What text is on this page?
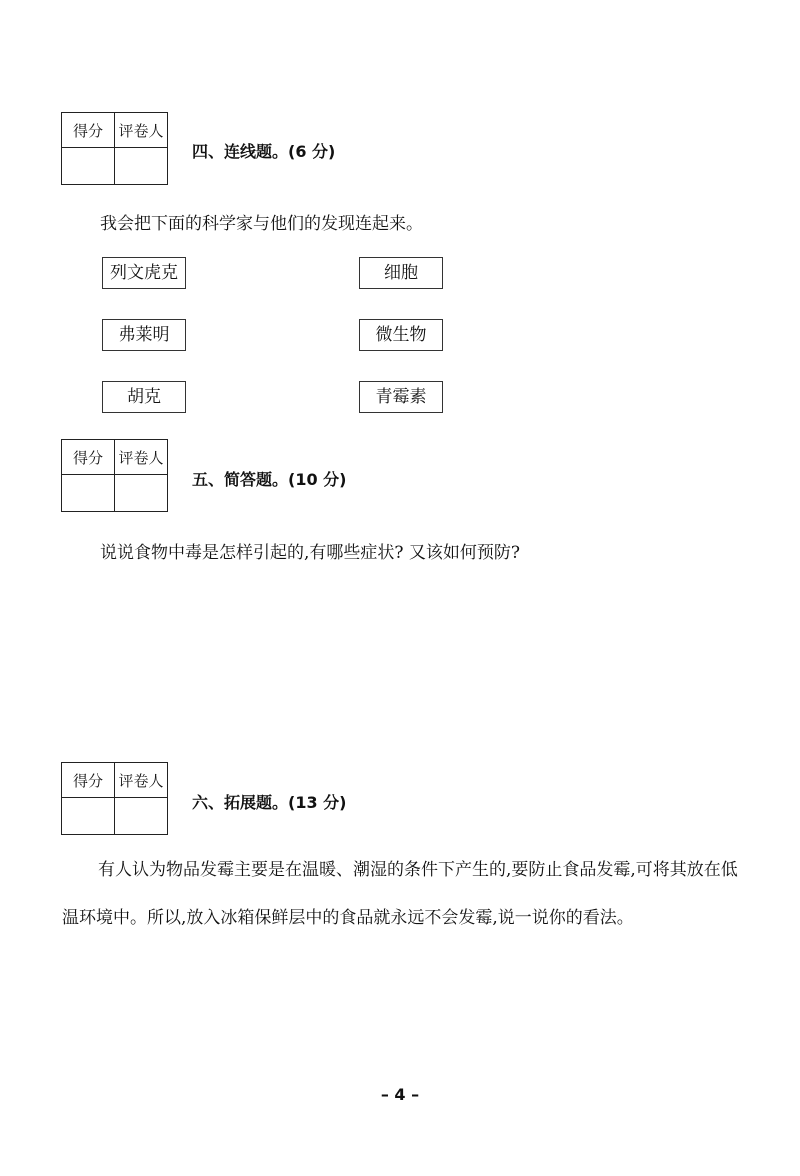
得分	评卷人

四、连线题。(6 分)
我会把下面的科学家与他们的发现连起来。
列文虎克
弗莱明
胡克
细胞
微生物
青霉素
得分	评卷人

五、简答题。(10 分)
说说食物中毒是怎样引起的,有哪些症状? 又该如何预防?
得分	评卷人

六、拓展题。(13 分)
有人认为物品发霉主要是在温暖、潮湿的条件下产生的,要防止食品发霉,可将其放在低温环境中。所以,放入冰箱保鲜层中的食品就永远不会发霉,说一说你的看法。
– 4 –
